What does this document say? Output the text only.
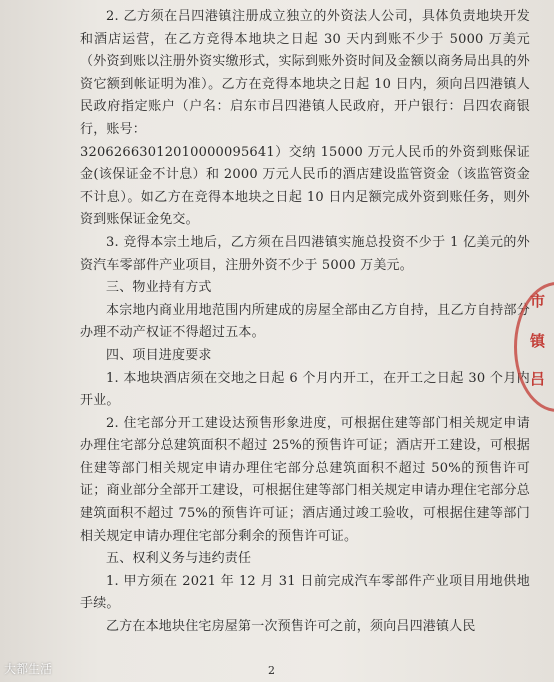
2. 乙方须在吕四港镇注册成立独立的外资法人公司，具体负责地块开发和酒店运营，在乙方竞得本地块之日起 30 天内到账不少于 5000 万美元（外资到账以注册外资实缴形式，实际到账外资时间及金额以商务局出具的外资它额到帐证明为准）。乙方在竞得本地块之日起 10 日内，须向吕四港镇人民政府指定账户（户名：启东市吕四港镇人民政府，开户银行：吕四农商银行，账号：

32062663012010000095641）交纳 15000 万元人民币的外资到账保证金(该保证金不计息）和 2000 万元人民币的酒店建设监管资金（该监管资金不计息）。如乙方在竞得本地块之日起 10 日内足额完成外资到账任务，则外资到账保证金免交。

3. 竞得本宗土地后，乙方须在吕四港镇实施总投资不少于 1 亿美元的外资汽车零部件产业项目，注册外资不少于 5000 万美元。

三、物业持有方式

本宗地内商业用地范围内所建成的房屋全部由乙方自持，且乙方自持部分办理不动产权证不得超过五本。

四、项目进度要求

1. 本地块酒店须在交地之日起 6 个月内开工，在开工之日起 30 个月内开业。

2. 住宅部分开工建设达预售形象进度，可根据住建等部门相关规定申请办理住宅部分总建筑面积不超过 25%的预售许可证；酒店开工建设，可根据住建等部门相关规定申请办理住宅部分总建筑面积不超过 50%的预售许可证；商业部分全部开工建设，可根据住建等部门相关规定申请办理住宅部分总建筑面积不超过 75%的预售许可证；酒店通过竣工验收，可根据住建等部门相关规定申请办理住宅部分剩余的预售许可证。

五、权利义务与违约责任

1. 甲方须在 2021 年 12 月 31 日前完成汽车零部件产业项目用地供地手续。

乙方在本地块住宅房屋第一次预售许可之前，须向吕四港镇人民

2
市
镇
吕
大都生活
